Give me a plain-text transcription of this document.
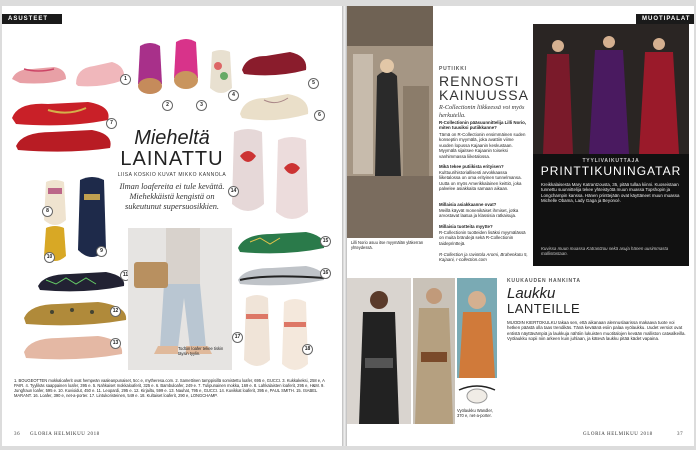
ASUSTEET
1
2	3
4
5
6
7
8
9
10
11
12
13
14
15
16
17
18
Mieheltä
LAINATTU
LIISA KOSKIO KUVAT MIKKO KANNOLA
Ilman loafereita ei tule kevättä. Miehekkäistä kengistä on sukeutunut supersuosikkien.
Todton loafer tekee tiskin täysin tyylin.
1. BOUGEOTTEN mokkaloaferit ovat hempeän vaaleanpunaiset, 5cc e, mytheresa.com. 2. Samettinen tamppisillä somistettu loafer, 695 e, GUCCI. 3. Kukkakeksi, 258 e, A PAIR. 4. Tyylikäs saappainen loafer, 395 e. 5. Nahkaiset mokkaloaferit, 325 e. 6. Bambuloafer, 249 e. 7. Tulipunainen mokka, 169 e. 8. Lahkalaisten loaferit, 295 e, H&M. 9. Jungfraun loafer, 595 e. 10. Kuvioidut, 450 e. 11. Leopardi, 295 e. 12. Kirjailtu, 599 e. 13. Nauhat, 795 e, GUCCI. 14. Kuvikkat loaferit, 395 e, PAUL SMITH. 15. ISABEL MARANT. 16. Loafer, 390 e, net-a-porter. 17. Lintukoristeinen, 549 e. 18. Kultaiset loaferit, 290 e, LONGCHAMP.
36 GLORIA HELMIKUU 2018
MUOTIPALAT
Lilli Norio asuu itse myymälän yläkerran yhteydessä.
PUTIIKKI
RENNOSTI
KAINUUSSA
R-Collectionin liikkeessä voi myös herkutella.
R-Collectionin pääsuunnittelija Lilli Norio, miten tuusiksi putiikkanne?
Tämä on R-Collectionin ensimmäinen suden konseptin myymälä, joka avattiin viime vuoden lopussa Kajaanin keskustaan. Myymälä sijaitsee Kajaanin toiseksi vanhimmassa liiketalossa.
Mikä tekee putiikista erityisen?
Kulttuurihistoriallisesti arvokkaassa liiketalossa on oma erityinen tunnelmansa. Uutta on myös Amerikkalainen keittiö, joka palvelee asiakkaita samaan aikaan.
Millaisia asiakkaanne ovat?
Meillä käyvät monenikäiset ihmiset, jotka arvostavat laatua ja klassisia ratkaisuja.
Millaisia tuotteita myytte?
R-Collectionin tuotteiden lisäksi myymälässä on muita brändejä sekä R-Collectionin taideprinttejä.
R-Collection ja ravintola Aromi, Brahenkatu 5, Kajaani, r-collection.com
TYYLIVAIKUTTAJA
PRINTTIKUNINGATAR
Kreikkalaisesta Mary Katrantzousta, 35, pitää tullaa kiinni. Kuoseistaan tunnettu suunnittelija tekee yhteistyötä muun muassa Topshopin ja Longchampin kanssa. Hänen printtejään ovat käyttäneet muun muassa Michelle Obama, Lady Gaga ja Beyoncé.
Kuvissa muun muassa Katrantzou sekä asuja hänen uusimmasta mallistostaan.
Vyölaukku Wandler, 370 e, net-a-porter.
KUUKAUDEN HANKINTA
Laukku
LANTEILLE
MUODIN KIERTOKULKU takaa sen, että aikanaan alennuslaarissa makaava tuote voi hetken päästä olla taas trendikäs. Tänä keväänä esiin palaa vyölaukku. Uudet versiot ovat entistä näyttävämpiä ja laukkuja nähtiin lukuisten muotitalojen kevään malliston catwalkeilla. Vyölaukku sopii niin arkeen kuin juhlaan, ja kätevä laukku pitää kädet vapaina.
GLORIA HELMIKUU 2018	37
